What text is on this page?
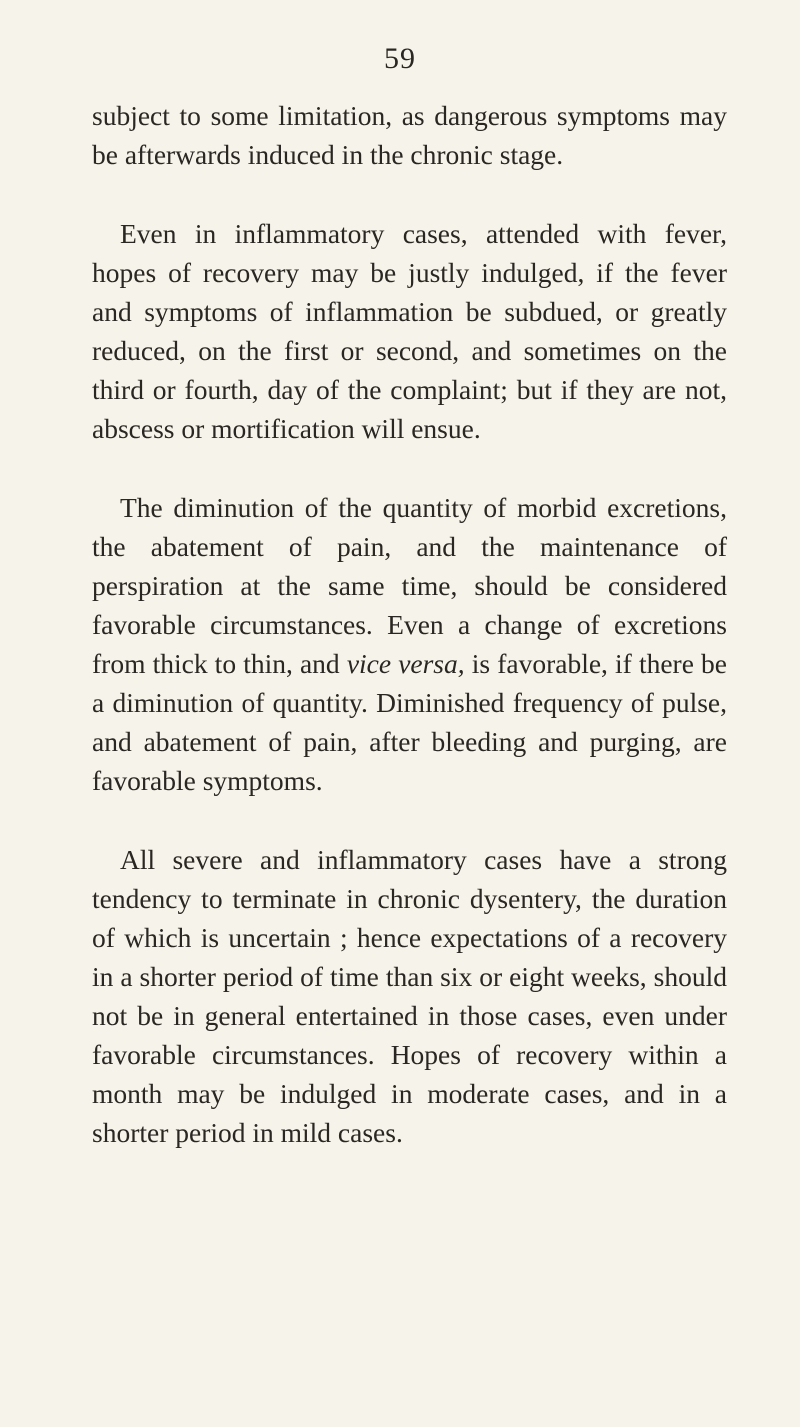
59

subject to some limitation, as dangerous symptoms may be afterwards induced in the chronic stage.

Even in inflammatory cases, attended with fever, hopes of recovery may be justly indulged, if the fever and symptoms of inflammation be subdued, or greatly reduced, on the first or second, and sometimes on the third or fourth, day of the complaint; but if they are not, abscess or mortification will ensue.

The diminution of the quantity of morbid excretions, the abatement of pain, and the maintenance of perspiration at the same time, should be considered favorable circumstances. Even a change of excretions from thick to thin, and vice versa, is favorable, if there be a diminution of quantity. Diminished frequency of pulse, and abatement of pain, after bleeding and purging, are favorable symptoms.

All severe and inflammatory cases have a strong tendency to terminate in chronic dysentery, the duration of which is uncertain ; hence expectations of a recovery in a shorter period of time than six or eight weeks, should not be in general entertained in those cases, even under favorable circumstances. Hopes of recovery within a month may be indulged in moderate cases, and in a shorter period in mild cases.
